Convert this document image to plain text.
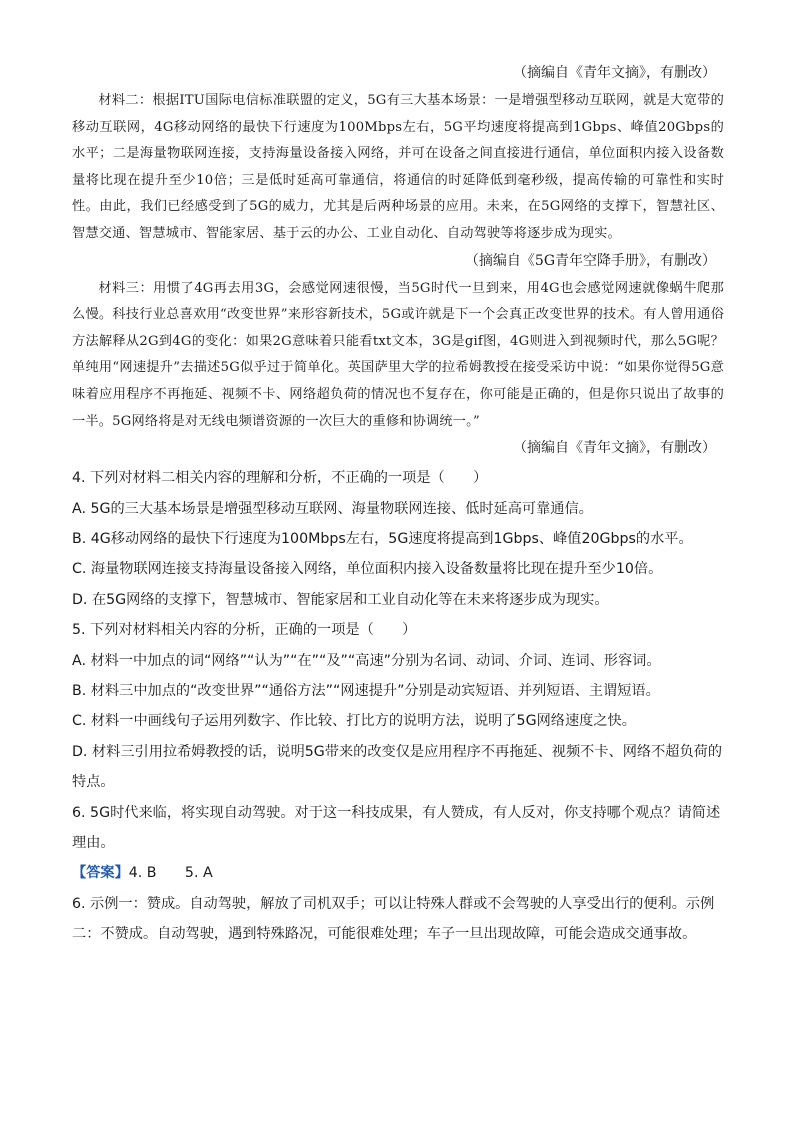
（摘编自《青年文摘》，有删改）

材料二：根据ITU国际电信标准联盟的定义，5G有三大基本场景：一是增强型移动互联网，就是大宽带的移动互联网，4G移动网络的最快下行速度为100Mbps左右，5G平均速度将提高到1Gbps、峰值20Gbps的水平；二是海量物联网连接，支持海量设备接入网络，并可在设备之间直接进行通信，单位面积内接入设备数量将比现在提升至少10倍；三是低时延高可靠通信，将通信的时延降低到毫秒级，提高传输的可靠性和实时性。由此，我们已经感受到了5G的威力，尤其是后两种场景的应用。未来，在5G网络的支撑下，智慧社区、智慧交通、智慧城市、智能家居、基于云的办公、工业自动化、自动驾驶等将逐步成为现实。

（摘编自《5G青年空降手册》，有删改）

材料三：用惯了4G再去用3G，会感觉网速很慢，当5G时代一旦到来，用4G也会感觉网速就像蜗牛爬那么慢。科技行业总喜欢用“改变世界”来形容新技术，5G或许就是下一个会真正改变世界的技术。有人曾用通俗方法解释从2G到4G的变化：如果2G意味着只能看txt文本，3G是gif图，4G则进入到视频时代，那么5G呢？单纯用“网速提升”去描述5G似乎过于简单化。英国萨里大学的拉希姆教授在接受采访中说：“如果你觉得5G意味着应用程序不再拖延、视频不卡、网络超负荷的情况也不复存在，你可能是正确的，但是你只说出了故事的一半。5G网络将是对无线电频谱资源的一次巨大的重修和协调统一。”

（摘编自《青年文摘》，有删改）

4. 下列对材料二相关内容的理解和分析，不正确的一项是（　　）

A. 5G的三大基本场景是增强型移动互联网、海量物联网连接、低时延高可靠通信。

B. 4G移动网络的最快下行速度为100Mbps左右，5G速度将提高到1Gbps、峰值20Gbps的水平。

C. 海量物联网连接支持海量设备接入网络，单位面积内接入设备数量将比现在提升至少10倍。

D. 在5G网络的支撑下，智慧城市、智能家居和工业自动化等在未来将逐步成为现实。

5. 下列对材料相关内容的分析，正确的一项是（　　）

A. 材料一中加点的词“网络”“认为”“在”“及”“高速”分别为名词、动词、介词、连词、形容词。

B. 材料三中加点的“改变世界”“通俗方法”“网速提升”分别是动宾短语、并列短语、主谓短语。

C. 材料一中画线句子运用列数字、作比较、打比方的说明方法，说明了5G网络速度之快。

D. 材料三引用拉希姆教授的话，说明5G带来的改变仅是应用程序不再拖延、视频不卡、网络不超负荷的特点。

6. 5G时代来临，将实现自动驾驶。对于这一科技成果，有人赞成，有人反对，你支持哪个观点？请简述理由。

【答案】4. B　　5. A

6. 示例一：赞成。自动驾驶，解放了司机双手；可以让特殊人群或不会驾驶的人享受出行的便利。示例二：不赞成。自动驾驶，遇到特殊路况，可能很难处理；车子一旦出现故障，可能会造成交通事故。
